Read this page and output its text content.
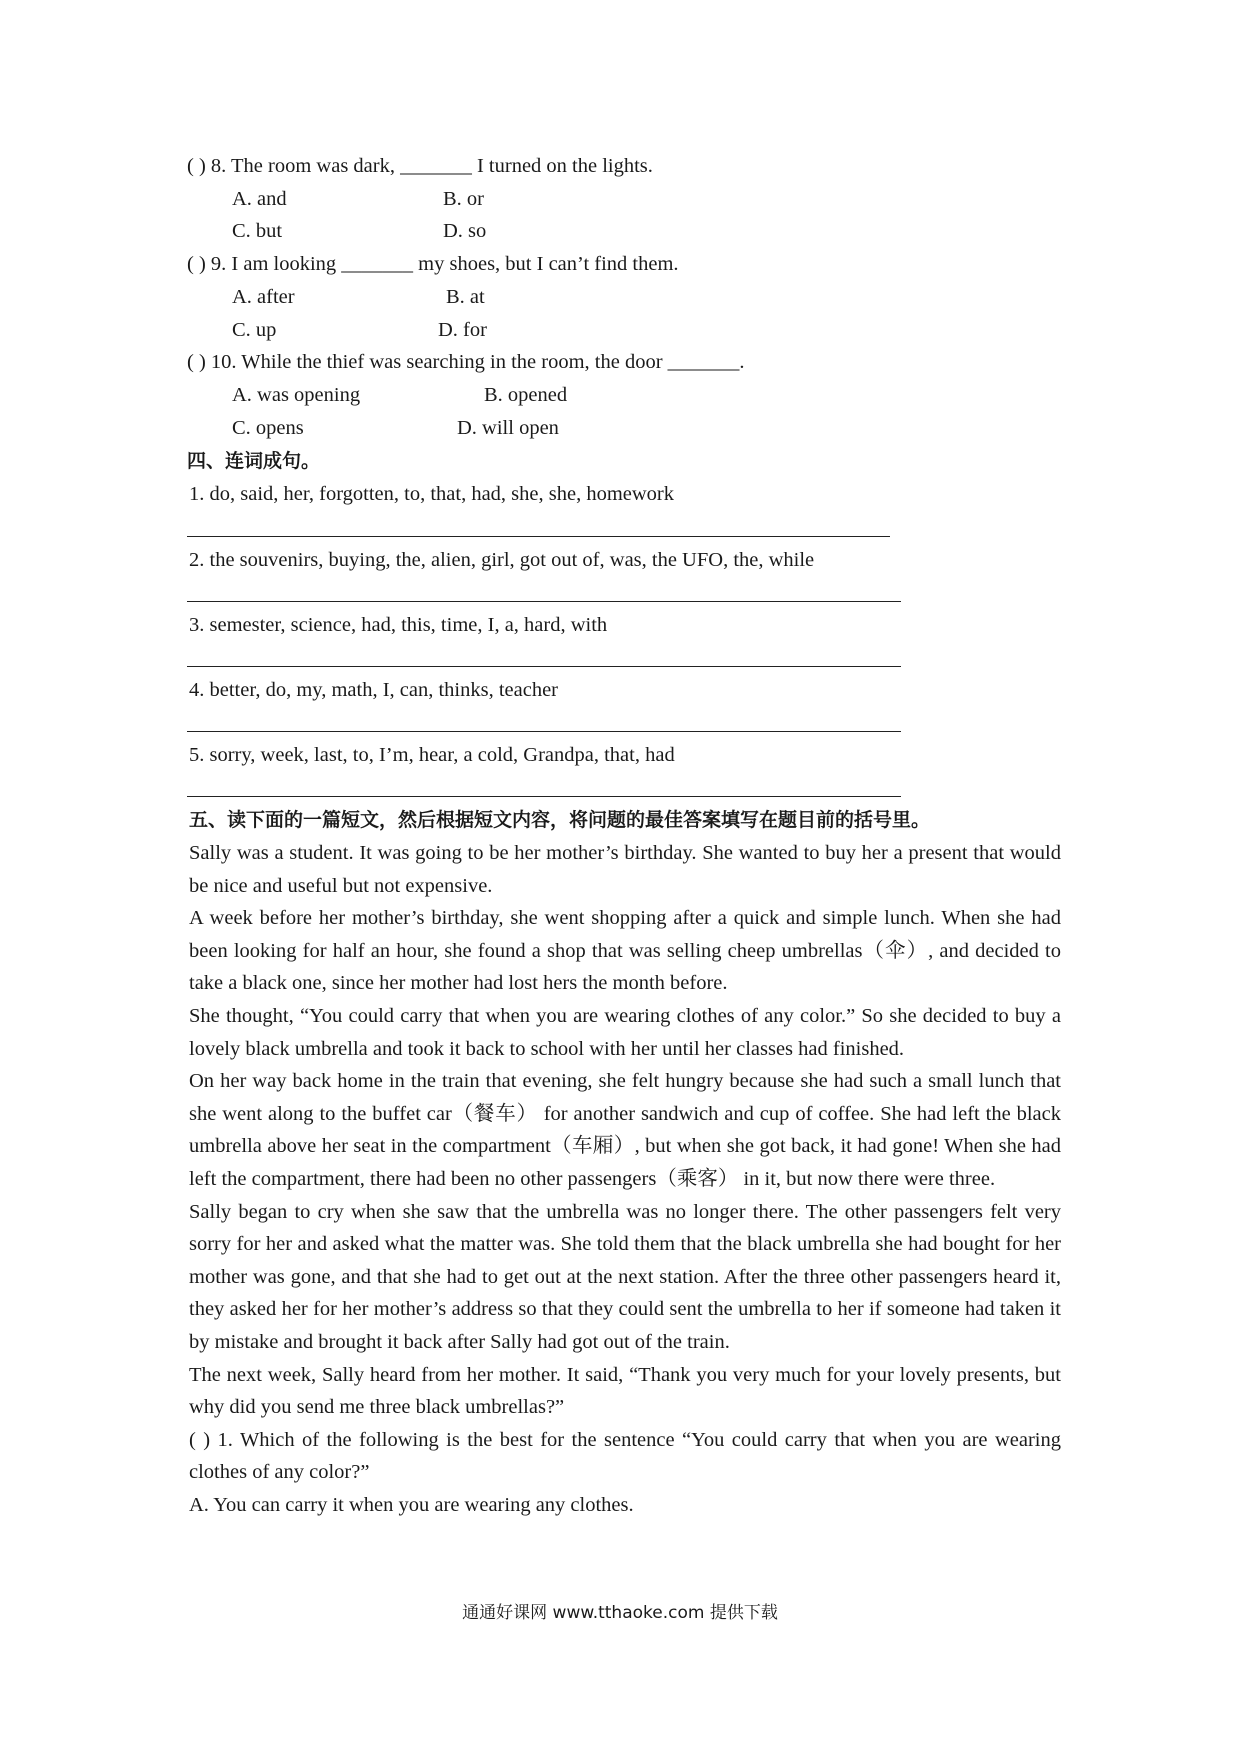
( ) 8. The room was dark, _______ I turned on the lights.
A. and	B. or
C. but	D. so
( ) 9. I am looking _______ my shoes, but I can’t find them.
A. after	B. at
C. up	D. for
( ) 10. While the thief was searching in the room, the door _______.
A. was opening	B. opened
C. opens	D. will open
四、连词成句。
1. do, said, her, forgotten, to, that, had, she, she, homework
2. the souvenirs, buying, the, alien, girl, got out of, was, the UFO, the, while
3. semester, science, had, this, time, I, a, hard, with
4. better, do, my, math, I, can, thinks, teacher
5. sorry, week, last, to, I’m, hear, a cold, Grandpa, that, had
五、读下面的一篇短文，然后根据短文内容，将问题的最佳答案填写在题目前的括号里。
Sally was a student. It was going to be her mother’s birthday. She wanted to buy her a present that would be nice and useful but not expensive.
A week before her mother’s birthday, she went shopping after a quick and simple lunch. When she had been looking for half an hour, she found a shop that was selling cheep umbrellas（伞）, and decided to take a black one, since her mother had lost hers the month before.
She thought, “You could carry that when you are wearing clothes of any color.” So she decided to buy a lovely black umbrella and took it back to school with her until her classes had finished.
On her way back home in the train that evening, she felt hungry because she had such a small lunch that she went along to the buffet car（餐车） for another sandwich and cup of coffee. She had left the black umbrella above her seat in the compartment（车厢）, but when she got back, it had gone! When she had left the compartment, there had been no other passengers（乘客） in it, but now there were three.
Sally began to cry when she saw that the umbrella was no longer there. The other passengers felt very sorry for her and asked what the matter was. She told them that the black umbrella she had bought for her mother was gone, and that she had to get out at the next station. After the three other passengers heard it, they asked her for her mother’s address so that they could sent the umbrella to her if someone had taken it by mistake and brought it back after Sally had got out of the train.
The next week, Sally heard from her mother. It said, “Thank you very much for your lovely presents, but why did you send me three black umbrellas?”
( ) 1. Which of the following is the best for the sentence “You could carry that when you are wearing clothes of any color?”
A. You can carry it when you are wearing any clothes.
通通好课网 www.tthaoke.com 提供下载
